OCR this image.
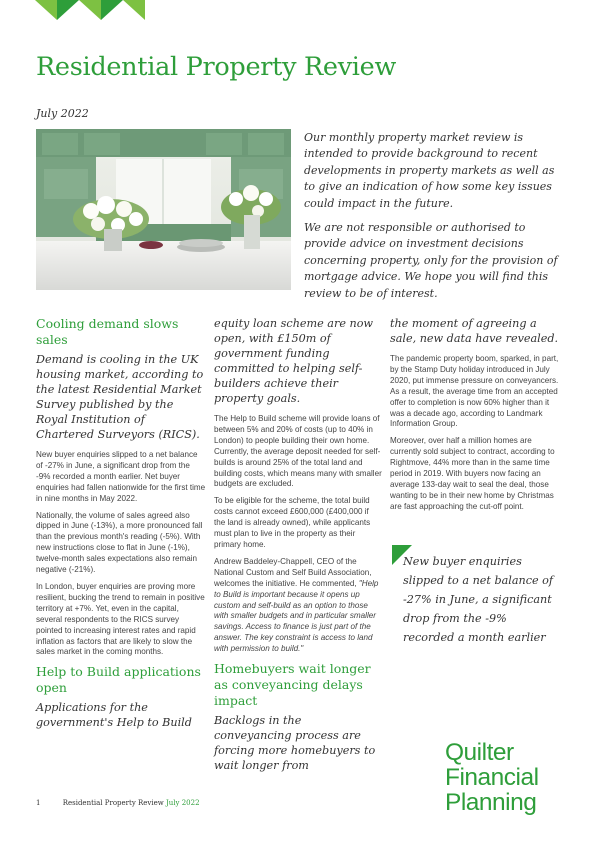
Residential Property Review
July 2022

Our monthly property market review is intended to provide background to recent developments in property markets as well as to give an indication of how some key issues could impact in the future.

We are not responsible or authorised to provide advice on investment decisions concerning property, only for the provision of mortgage advice. We hope you will find this review to be of interest.

Cooling demand slows sales
Demand is cooling in the UK housing market, according to the latest Residential Market Survey published by the Royal Institution of Chartered Surveyors (RICS).

New buyer enquiries slipped to a net balance of -27% in June, a significant drop from the -9% recorded a month earlier. Net buyer enquiries had fallen nationwide for the first time in nine months in May 2022.

Nationally, the volume of sales agreed also dipped in June (-13%), a more pronounced fall than the previous month's reading (-5%). With new instructions close to flat in June (-1%), twelve-month sales expectations also remain negative (-21%).

In London, buyer enquiries are proving more resilient, bucking the trend to remain in positive territory at +7%. Yet, even in the capital, several respondents to the RICS survey pointed to increasing interest rates and rapid inflation as factors that are likely to slow the sales market in the coming months.

Help to Build applications open
Applications for the government's Help to Build
equity loan scheme are now open, with £150m of government funding committed to helping self-builders achieve their property goals.

The Help to Build scheme will provide loans of between 5% and 20% of costs (up to 40% in London) to people building their own home. Currently, the average deposit needed for self-builds is around 25% of the total land and building costs, which means many with smaller budgets are excluded.

To be eligible for the scheme, the total build costs cannot exceed £600,000 (£400,000 if the land is already owned), while applicants must plan to live in the property as their primary home.

Andrew Baddeley-Chappell, CEO of the National Custom and Self Build Association, welcomes the initiative. He commented, "Help to Build is important because it opens up custom and self-build as an option to those with smaller budgets and in particular smaller savings. Access to finance is just part of the answer. The key constraint is access to land with permission to build."

Homebuyers wait longer as conveyancing delays impact
Backlogs in the conveyancing process are forcing more homebuyers to wait longer from
the moment of agreeing a sale, new data have revealed.

The pandemic property boom, sparked, in part, by the Stamp Duty holiday introduced in July 2020, put immense pressure on conveyancers. As a result, the average time from an accepted offer to completion is now 60% higher than it was a decade ago, according to Landmark Information Group.

Moreover, over half a million homes are currently sold subject to contract, according to Rightmove, 44% more than in the same time period in 2019. With buyers now facing an average 133-day wait to seal the deal, those wanting to be in their new home by Christmas are fast approaching the cut-off point.

New buyer enquiries slipped to a net balance of -27% in June, a significant drop from the -9% recorded a month earlier
Quilter
Financial
Planning
1	Residential Property Review July 2022
